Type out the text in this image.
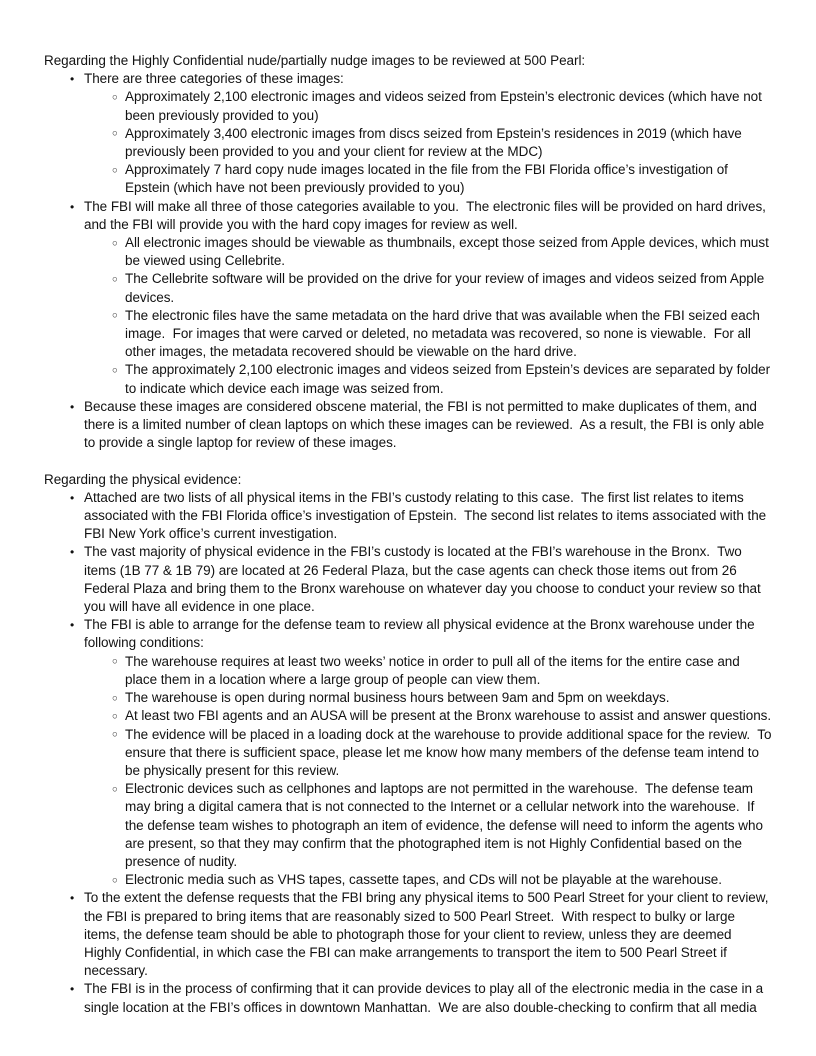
Regarding the Highly Confidential nude/partially nudge images to be reviewed at 500 Pearl:

• There are three categories of these images:
○ Approximately 2,100 electronic images and videos seized from Epstein’s electronic devices (which have not been previously provided to you)
○ Approximately 3,400 electronic images from discs seized from Epstein’s residences in 2019 (which have previously been provided to you and your client for review at the MDC)
○ Approximately 7 hard copy nude images located in the file from the FBI Florida office’s investigation of Epstein (which have not been previously provided to you)
• The FBI will make all three of those categories available to you.  The electronic files will be provided on hard drives, and the FBI will provide you with the hard copy images for review as well.
○ All electronic images should be viewable as thumbnails, except those seized from Apple devices, which must be viewed using Cellebrite.
○ The Cellebrite software will be provided on the drive for your review of images and videos seized from Apple devices.
○ The electronic files have the same metadata on the hard drive that was available when the FBI seized each image.  For images that were carved or deleted, no metadata was recovered, so none is viewable.  For all other images, the metadata recovered should be viewable on the hard drive.
○ The approximately 2,100 electronic images and videos seized from Epstein’s devices are separated by folder to indicate which device each image was seized from.
• Because these images are considered obscene material, the FBI is not permitted to make duplicates of them, and there is a limited number of clean laptops on which these images can be reviewed.  As a result, the FBI is only able to provide a single laptop for review of these images.

Regarding the physical evidence:

• Attached are two lists of all physical items in the FBI’s custody relating to this case.  The first list relates to items associated with the FBI Florida office’s investigation of Epstein.  The second list relates to items associated with the FBI New York office’s current investigation.
• The vast majority of physical evidence in the FBI’s custody is located at the FBI’s warehouse in the Bronx.  Two items (1B 77 & 1B 79) are located at 26 Federal Plaza, but the case agents can check those items out from 26 Federal Plaza and bring them to the Bronx warehouse on whatever day you choose to conduct your review so that you will have all evidence in one place.
• The FBI is able to arrange for the defense team to review all physical evidence at the Bronx warehouse under the following conditions:
○ The warehouse requires at least two weeks’ notice in order to pull all of the items for the entire case and place them in a location where a large group of people can view them.
○ The warehouse is open during normal business hours between 9am and 5pm on weekdays.
○ At least two FBI agents and an AUSA will be present at the Bronx warehouse to assist and answer questions.
○ The evidence will be placed in a loading dock at the warehouse to provide additional space for the review.  To ensure that there is sufficient space, please let me know how many members of the defense team intend to be physically present for this review.
○ Electronic devices such as cellphones and laptops are not permitted in the warehouse.  The defense team may bring a digital camera that is not connected to the Internet or a cellular network into the warehouse.  If the defense team wishes to photograph an item of evidence, the defense will need to inform the agents who are present, so that they may confirm that the photographed item is not Highly Confidential based on the presence of nudity.
○ Electronic media such as VHS tapes, cassette tapes, and CDs will not be playable at the warehouse.
• To the extent the defense requests that the FBI bring any physical items to 500 Pearl Street for your client to review, the FBI is prepared to bring items that are reasonably sized to 500 Pearl Street.  With respect to bulky or large items, the defense team should be able to photograph those for your client to review, unless they are deemed Highly Confidential, in which case the FBI can make arrangements to transport the item to 500 Pearl Street if necessary.
• The FBI is in the process of confirming that it can provide devices to play all of the electronic media in the case in a single location at the FBI’s offices in downtown Manhattan.  We are also double-checking to confirm that all media
